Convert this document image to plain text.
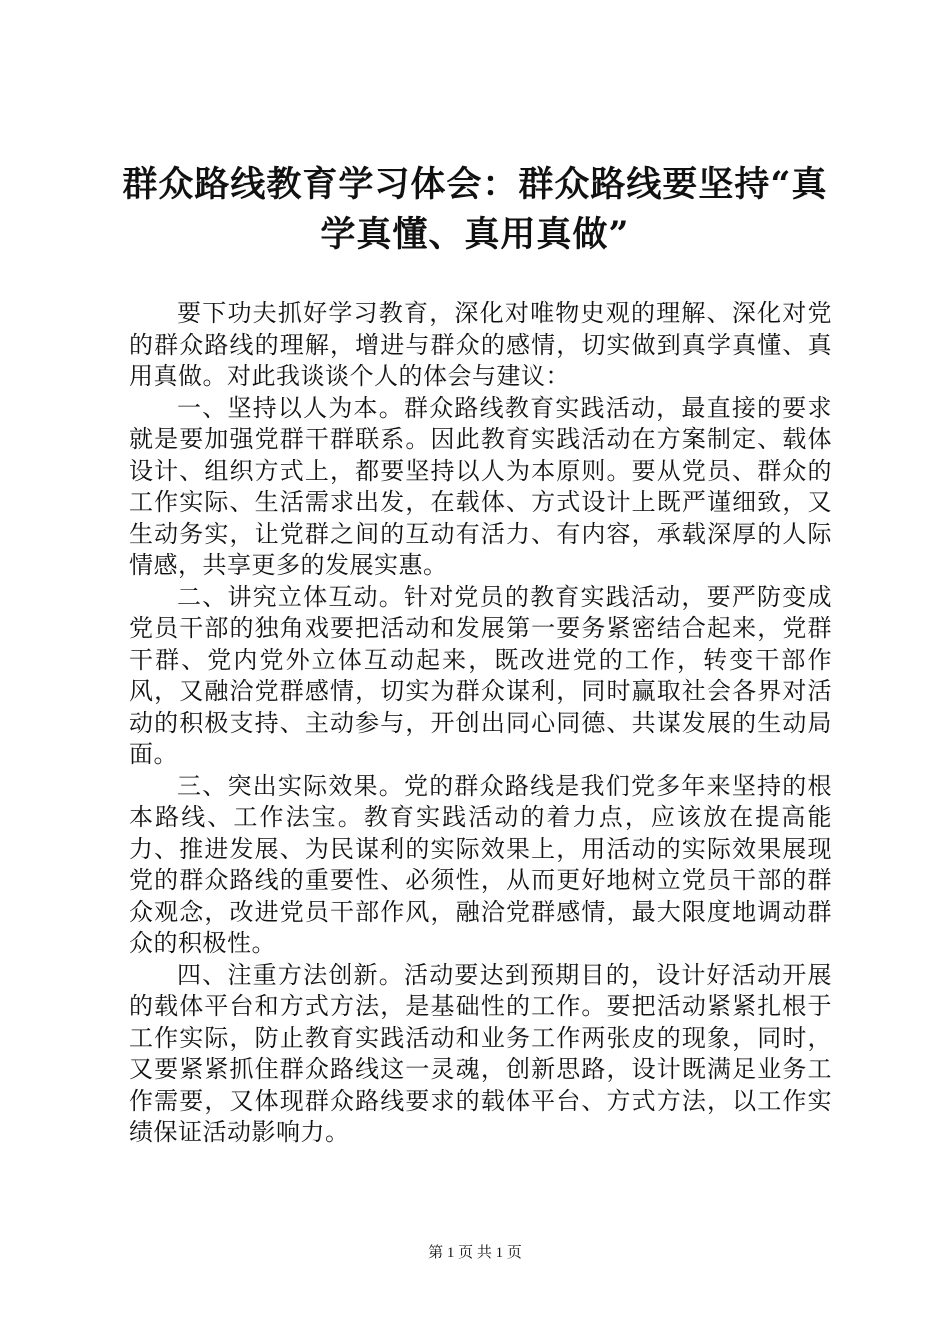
群众路线教育学习体会：群众路线要坚持“真
学真懂、真用真做”

要下功夫抓好学习教育，深化对唯物史观的理解、深化对党的群众路线的理解，增进与群众的感情，切实做到真学真懂、真用真做。对此我谈谈个人的体会与建议：

一、坚持以人为本。群众路线教育实践活动，最直接的要求就是要加强党群干群联系。因此教育实践活动在方案制定、载体设计、组织方式上，都要坚持以人为本原则。要从党员、群众的工作实际、生活需求出发，在载体、方式设计上既严谨细致，又生动务实，让党群之间的互动有活力、有内容，承载深厚的人际情感，共享更多的发展实惠。

二、讲究立体互动。针对党员的教育实践活动，要严防变成党员干部的独角戏要把活动和发展第一要务紧密结合起来，党群干群、党内党外立体互动起来，既改进党的工作，转变干部作风，又融洽党群感情，切实为群众谋利，同时赢取社会各界对活动的积极支持、主动参与，开创出同心同德、共谋发展的生动局面。

三、突出实际效果。党的群众路线是我们党多年来坚持的根本路线、工作法宝。教育实践活动的着力点，应该放在提高能力、推进发展、为民谋利的实际效果上，用活动的实际效果展现党的群众路线的重要性、必须性，从而更好地树立党员干部的群众观念，改进党员干部作风，融洽党群感情，最大限度地调动群众的积极性。

四、注重方法创新。活动要达到预期目的，设计好活动开展的载体平台和方式方法，是基础性的工作。要把活动紧紧扎根于工作实际，防止教育实践活动和业务工作两张皮的现象，同时，又要紧紧抓住群众路线这一灵魂，创新思路，设计既满足业务工作需要，又体现群众路线要求的载体平台、方式方法，以工作实绩保证活动影响力。

第 1 页 共 1 页
